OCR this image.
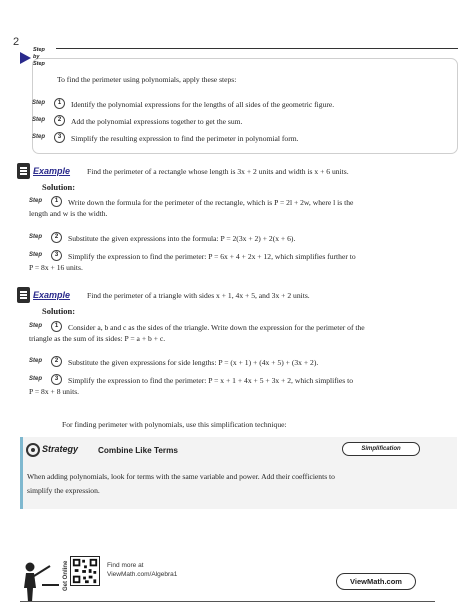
2
Step
by
Step
To find the perimeter using polynomials, apply these steps:
Step	1	Identify the polynomial expressions for the lengths of all sides of the geometric figure.
Step	2	Add the polynomial expressions together to get the sum.
Step	3	Simplify the resulting expression to find the perimeter in polynomial form.
Example Find the perimeter of a rectangle whose length is 3x + 2 units and width is x + 6 units.
Solution:
Step	1	Write down the formula for the perimeter of the rectangle, which is P = 2l + 2w, where l is the
length and w is the width.
Step	2	Substitute the given expressions into the formula: P = 2(3x + 2) + 2(x + 6).
Step	3	Simplify the expression to find the perimeter: P = 6x + 4 + 2x + 12, which simplifies further to
P = 8x + 16 units.
Example Find the perimeter of a triangle with sides x + 1, 4x + 5, and 3x + 2 units.
Solution:
Step	1	Consider a, b and c as the sides of the triangle. Write down the expression for the perimeter of the
triangle as the sum of its sides: P = a + b + c.
Step	2	Substitute the given expressions for side lengths: P = (x + 1) + (4x + 5) + (3x + 2).
Step	3	Simplify the expression to find the perimeter: P = x + 1 + 4x + 5 + 3x + 2, which simplifies to
P = 8x + 8 units.
For finding perimeter with polynomials, use this simplification technique:
Strategy Combine Like Terms	Simplification
When adding polynomials, look for terms with the same variable and power. Add their coefficients to
simplify the expression.
Get Online	Find more at
ViewMath.com/Algebra1
ViewMath.com
